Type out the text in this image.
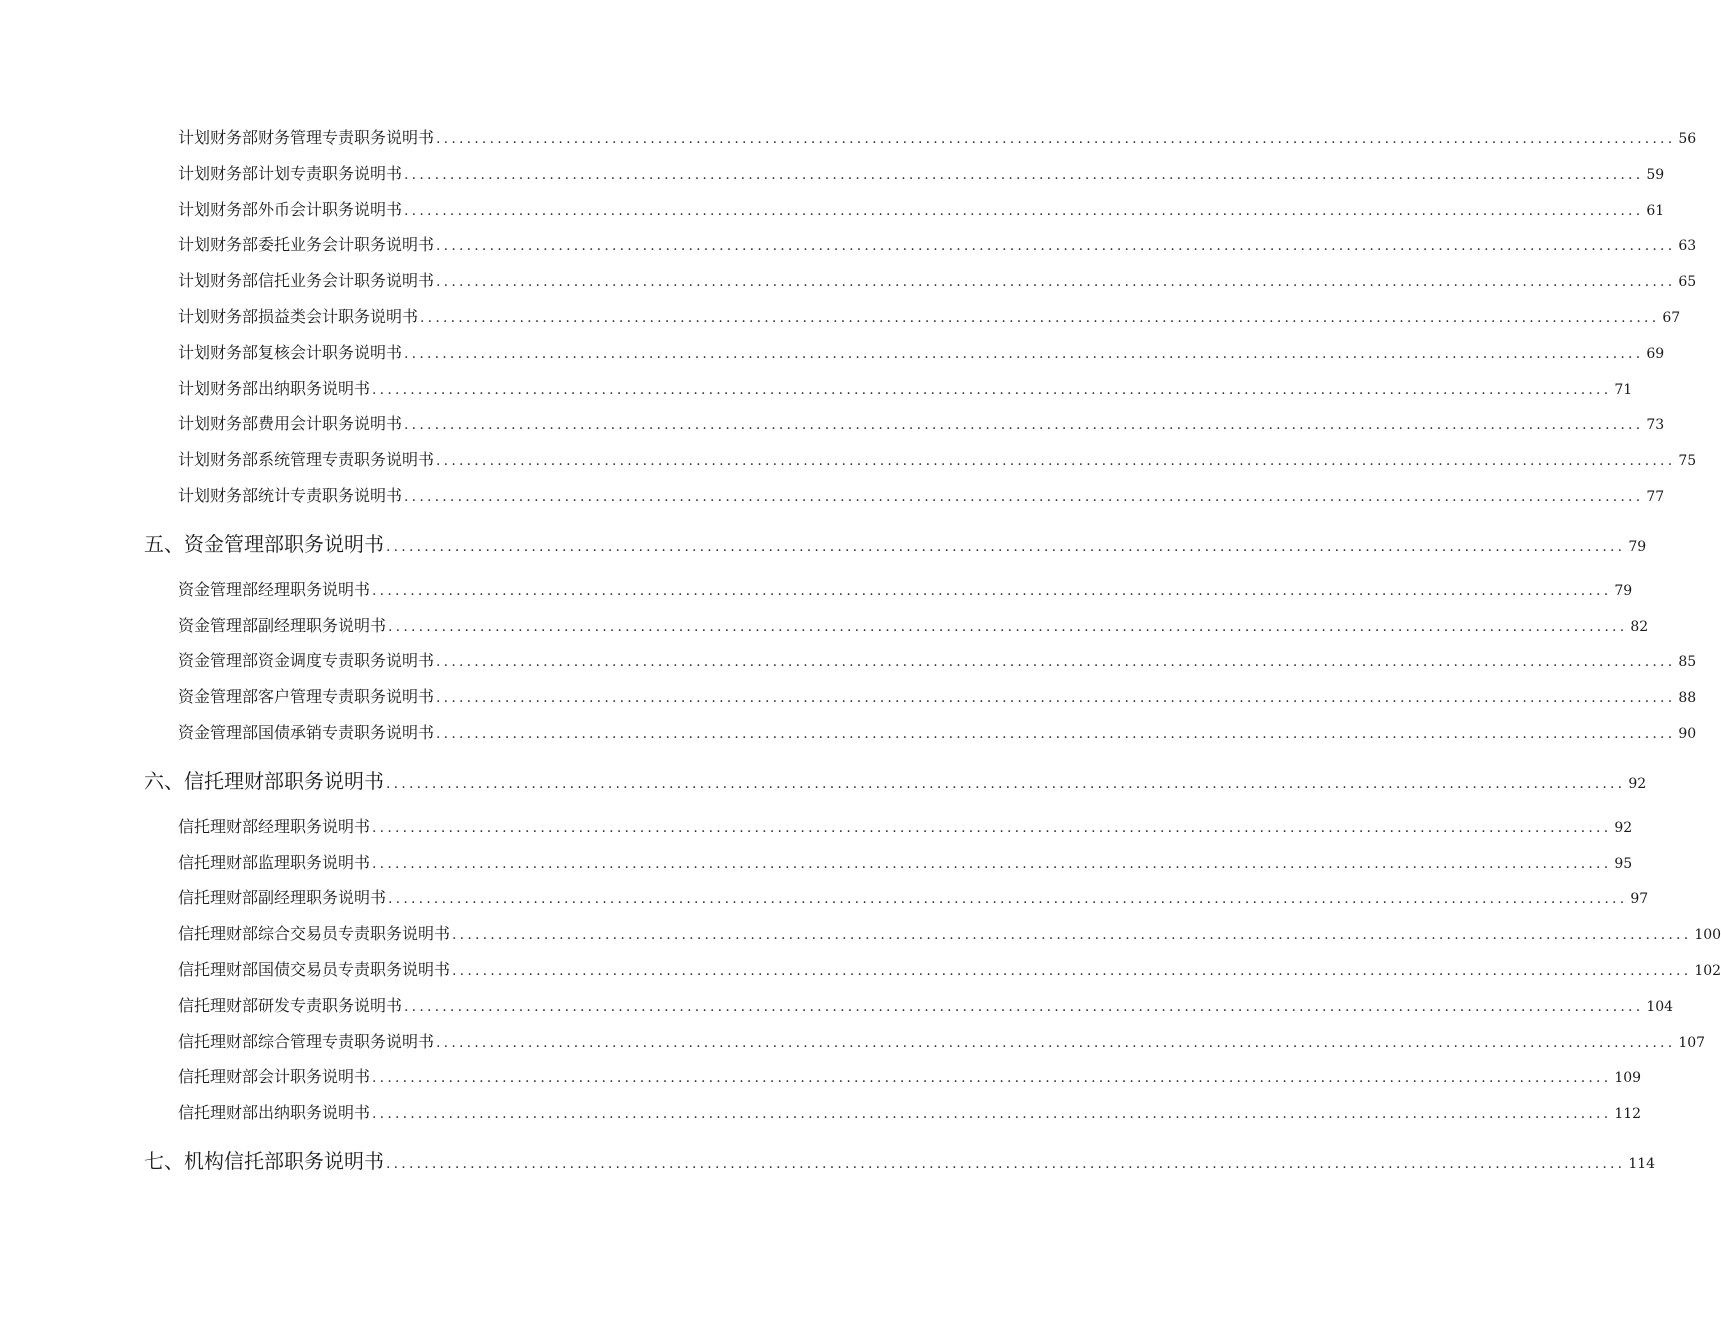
计划财务部财务管理专责职务说明书 .................................................................................................................................................................. 56
计划财务部计划专责职务说明书 .................................................................................................................................................................. 59
计划财务部外币会计职务说明书 .................................................................................................................................................................. 61
计划财务部委托业务会计职务说明书 .................................................................................................................................................................. 63
计划财务部信托业务会计职务说明书 .................................................................................................................................................................. 65
计划财务部损益类会计职务说明书 .................................................................................................................................................................. 67
计划财务部复核会计职务说明书 .................................................................................................................................................................. 69
计划财务部出纳职务说明书 .................................................................................................................................................................. 71
计划财务部费用会计职务说明书 .................................................................................................................................................................. 73
计划财务部系统管理专责职务说明书 .................................................................................................................................................................. 75
计划财务部统计专责职务说明书 .................................................................................................................................................................. 77
五、资金管理部职务说明书 .................................................................................................................................................................. 79
资金管理部经理职务说明书 .................................................................................................................................................................. 79
资金管理部副经理职务说明书 .................................................................................................................................................................. 82
资金管理部资金调度专责职务说明书 .................................................................................................................................................................. 85
资金管理部客户管理专责职务说明书 .................................................................................................................................................................. 88
资金管理部国债承销专责职务说明书 .................................................................................................................................................................. 90
六、信托理财部职务说明书 .................................................................................................................................................................. 92
信托理财部经理职务说明书 .................................................................................................................................................................. 92
信托理财部监理职务说明书 .................................................................................................................................................................. 95
信托理财部副经理职务说明书 .................................................................................................................................................................. 97
信托理财部综合交易员专责职务说明书 .................................................................................................................................................................. 100
信托理财部国债交易员专责职务说明书 .................................................................................................................................................................. 102
信托理财部研发专责职务说明书 .................................................................................................................................................................. 104
信托理财部综合管理专责职务说明书 .................................................................................................................................................................. 107
信托理财部会计职务说明书 .................................................................................................................................................................. 109
信托理财部出纳职务说明书 .................................................................................................................................................................. 112
七、机构信托部职务说明书 .................................................................................................................................................................. 114
